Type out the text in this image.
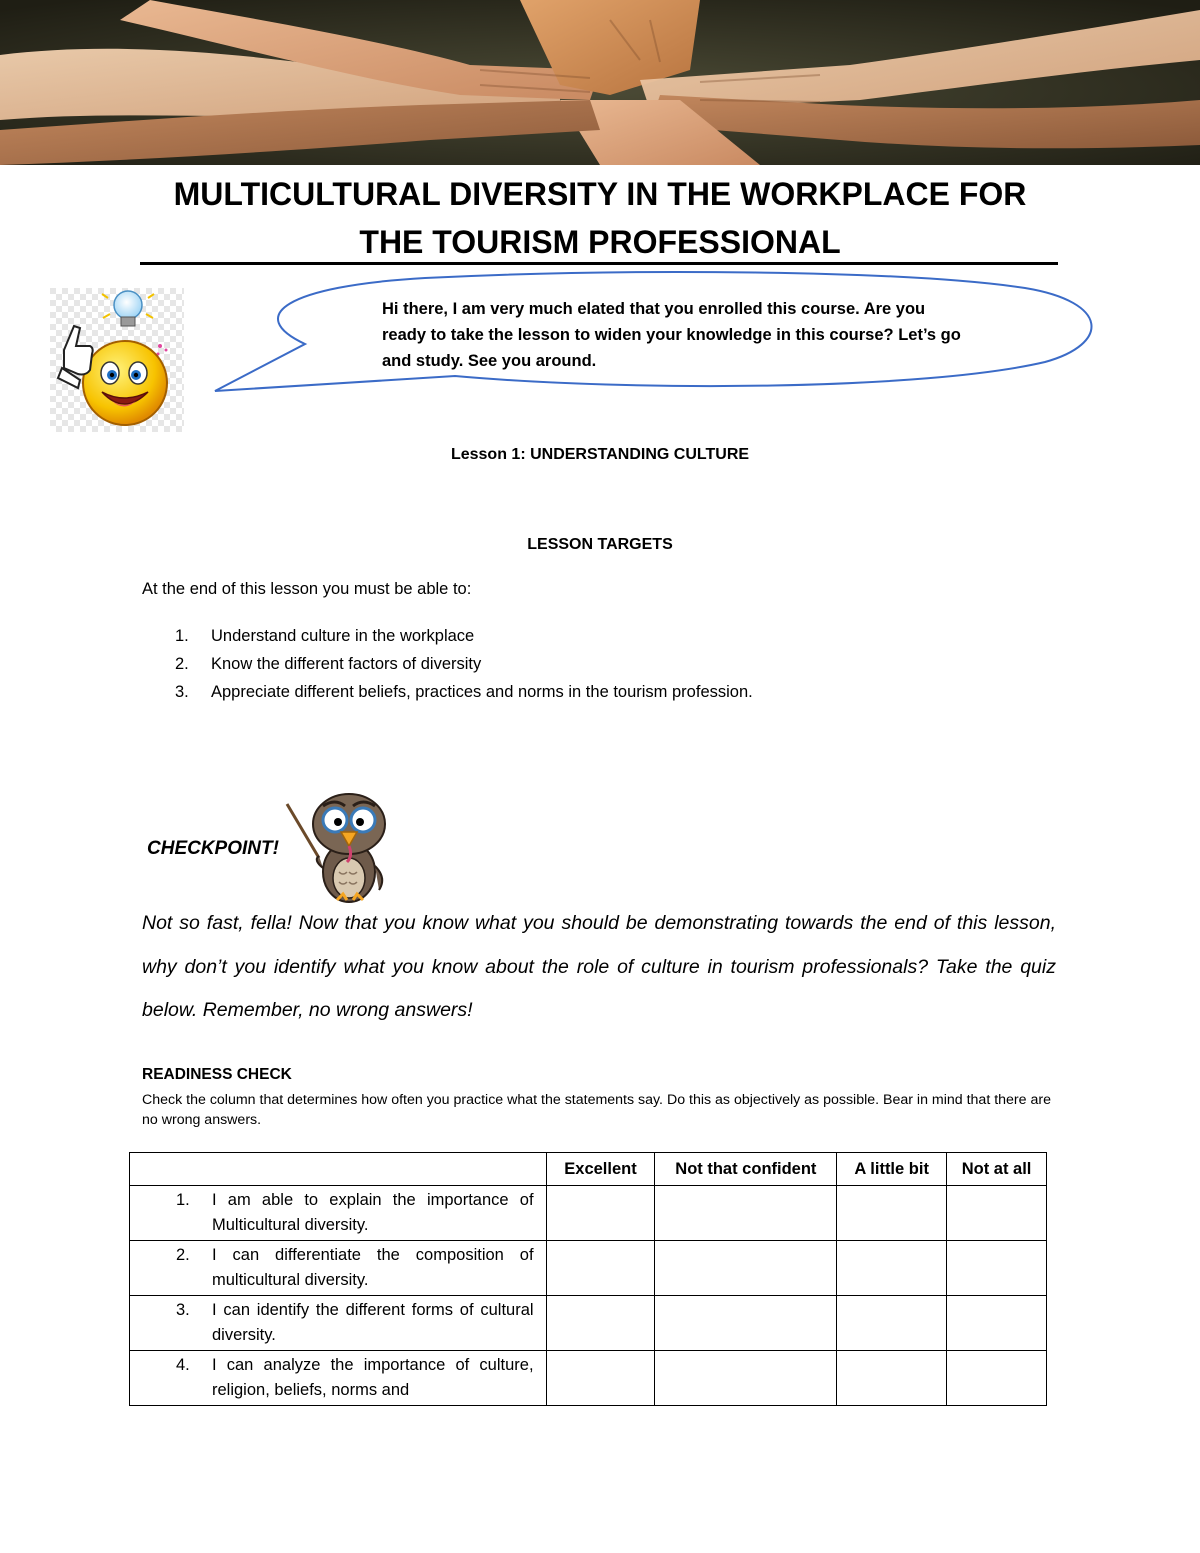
MULTICULTURAL DIVERSITY IN THE WORKPLACE FOR
THE TOURISM PROFESSIONAL
Hi there, I am very much elated that you enrolled this course. Are you ready to take the lesson to widen your knowledge in this course? Let’s go and study. See you around.
Lesson 1: UNDERSTANDING CULTURE
LESSON TARGETS
At the end of this lesson you must be able to:
1. Understand culture in the workplace
2. Know the different factors of diversity
3. Appreciate different beliefs, practices and norms in the tourism profession.
CHECKPOINT!
Not so fast, fella! Now that you know what you should be demonstrating towards the end of this lesson, why don’t you identify what you know about the role of culture in tourism professionals? Take the quiz below. Remember, no wrong answers!
READINESS CHECK
Check the column that determines how often you practice what the statements say. Do this as objectively as possible. Bear in mind that there are no wrong answers.
	Excellent	Not that confident	A little bit	Not at all

1. I am able to explain the importance of Multicultural diversity.				

2. I can differentiate the composition of multicultural diversity.				

3. I can identify the different forms of cultural diversity.				

4. I can analyze the importance of culture, religion, beliefs, norms and				
